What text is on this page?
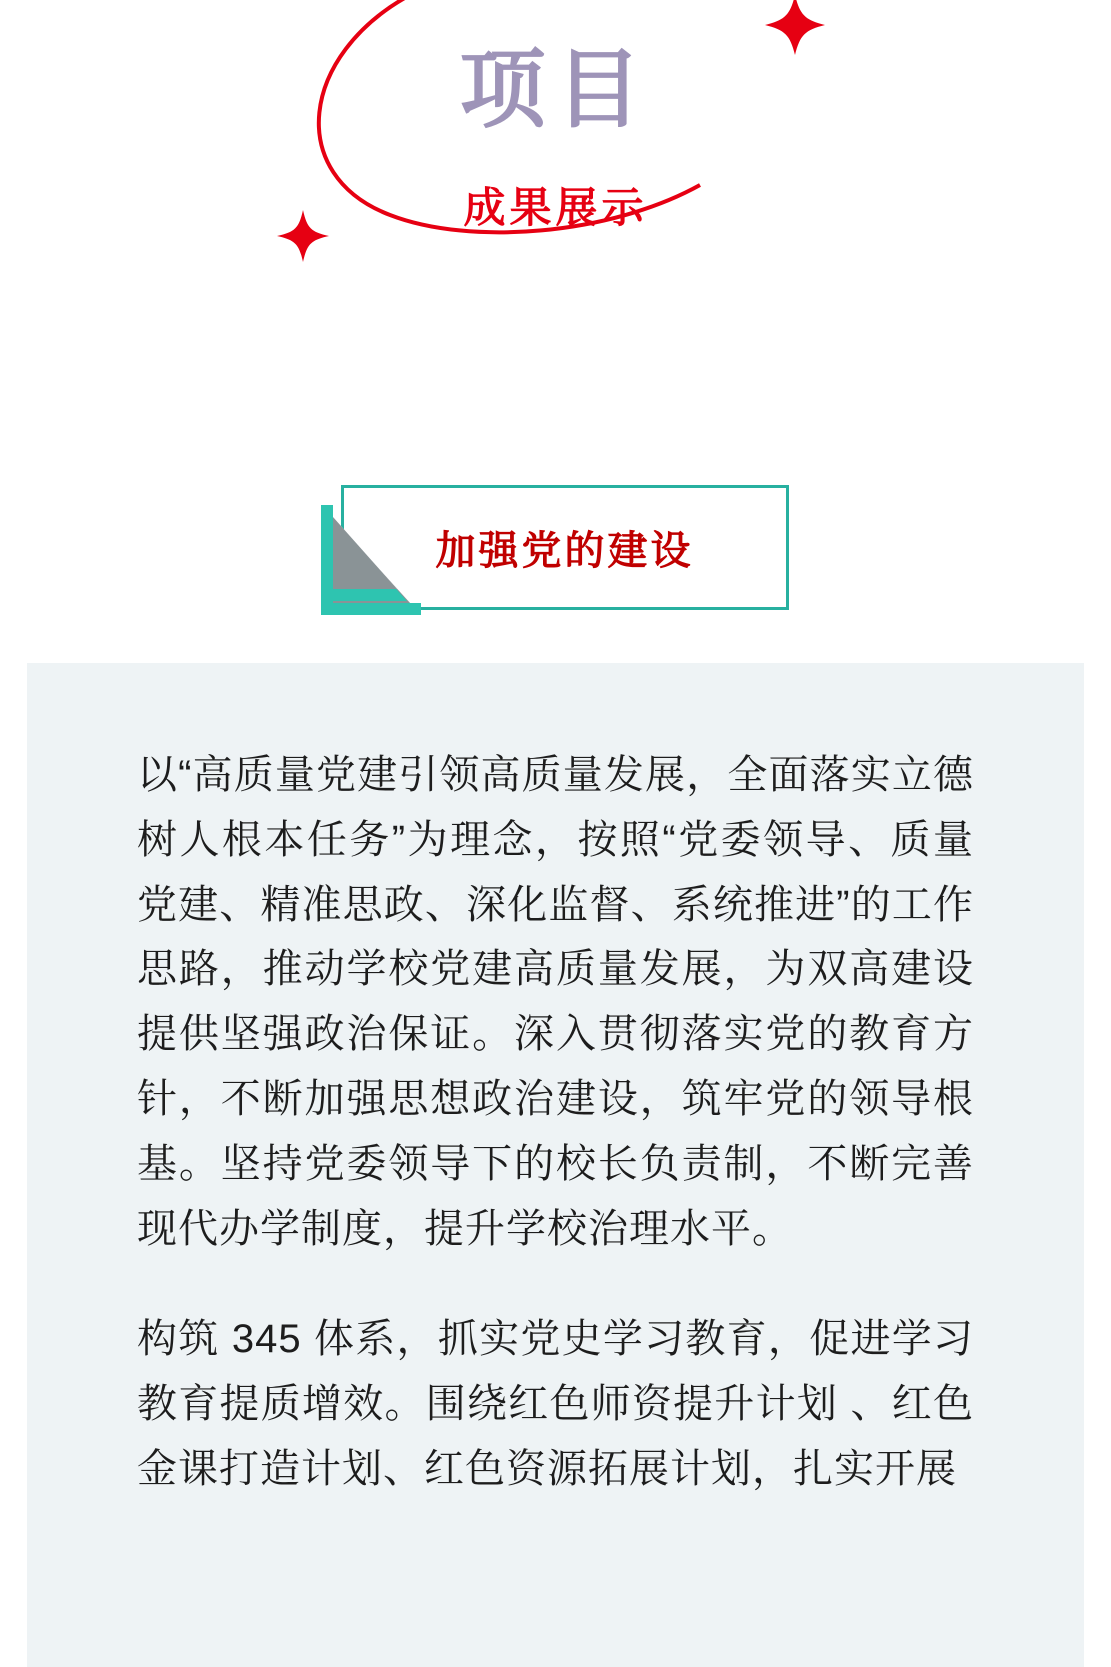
项目
成果展示
加强党的建设

以“高质量党建引领高质量发展，全面落实立德树人根本任务”为理念，按照“党委领导、质量党建、精准思政、深化监督、系统推进”的工作思路，推动学校党建高质量发展，为双高建设提供坚强政治保证。深入贯彻落实党的教育方针，不断加强思想政治建设，筑牢党的领导根基。坚持党委领导下的校长负责制，不断完善现代办学制度，提升学校治理水平。

构筑 345 体系，抓实党史学习教育，促进学习教育提质增效。围绕红色师资提升计划 、红色金课打造计划、红色资源拓展计划，扎实开展
